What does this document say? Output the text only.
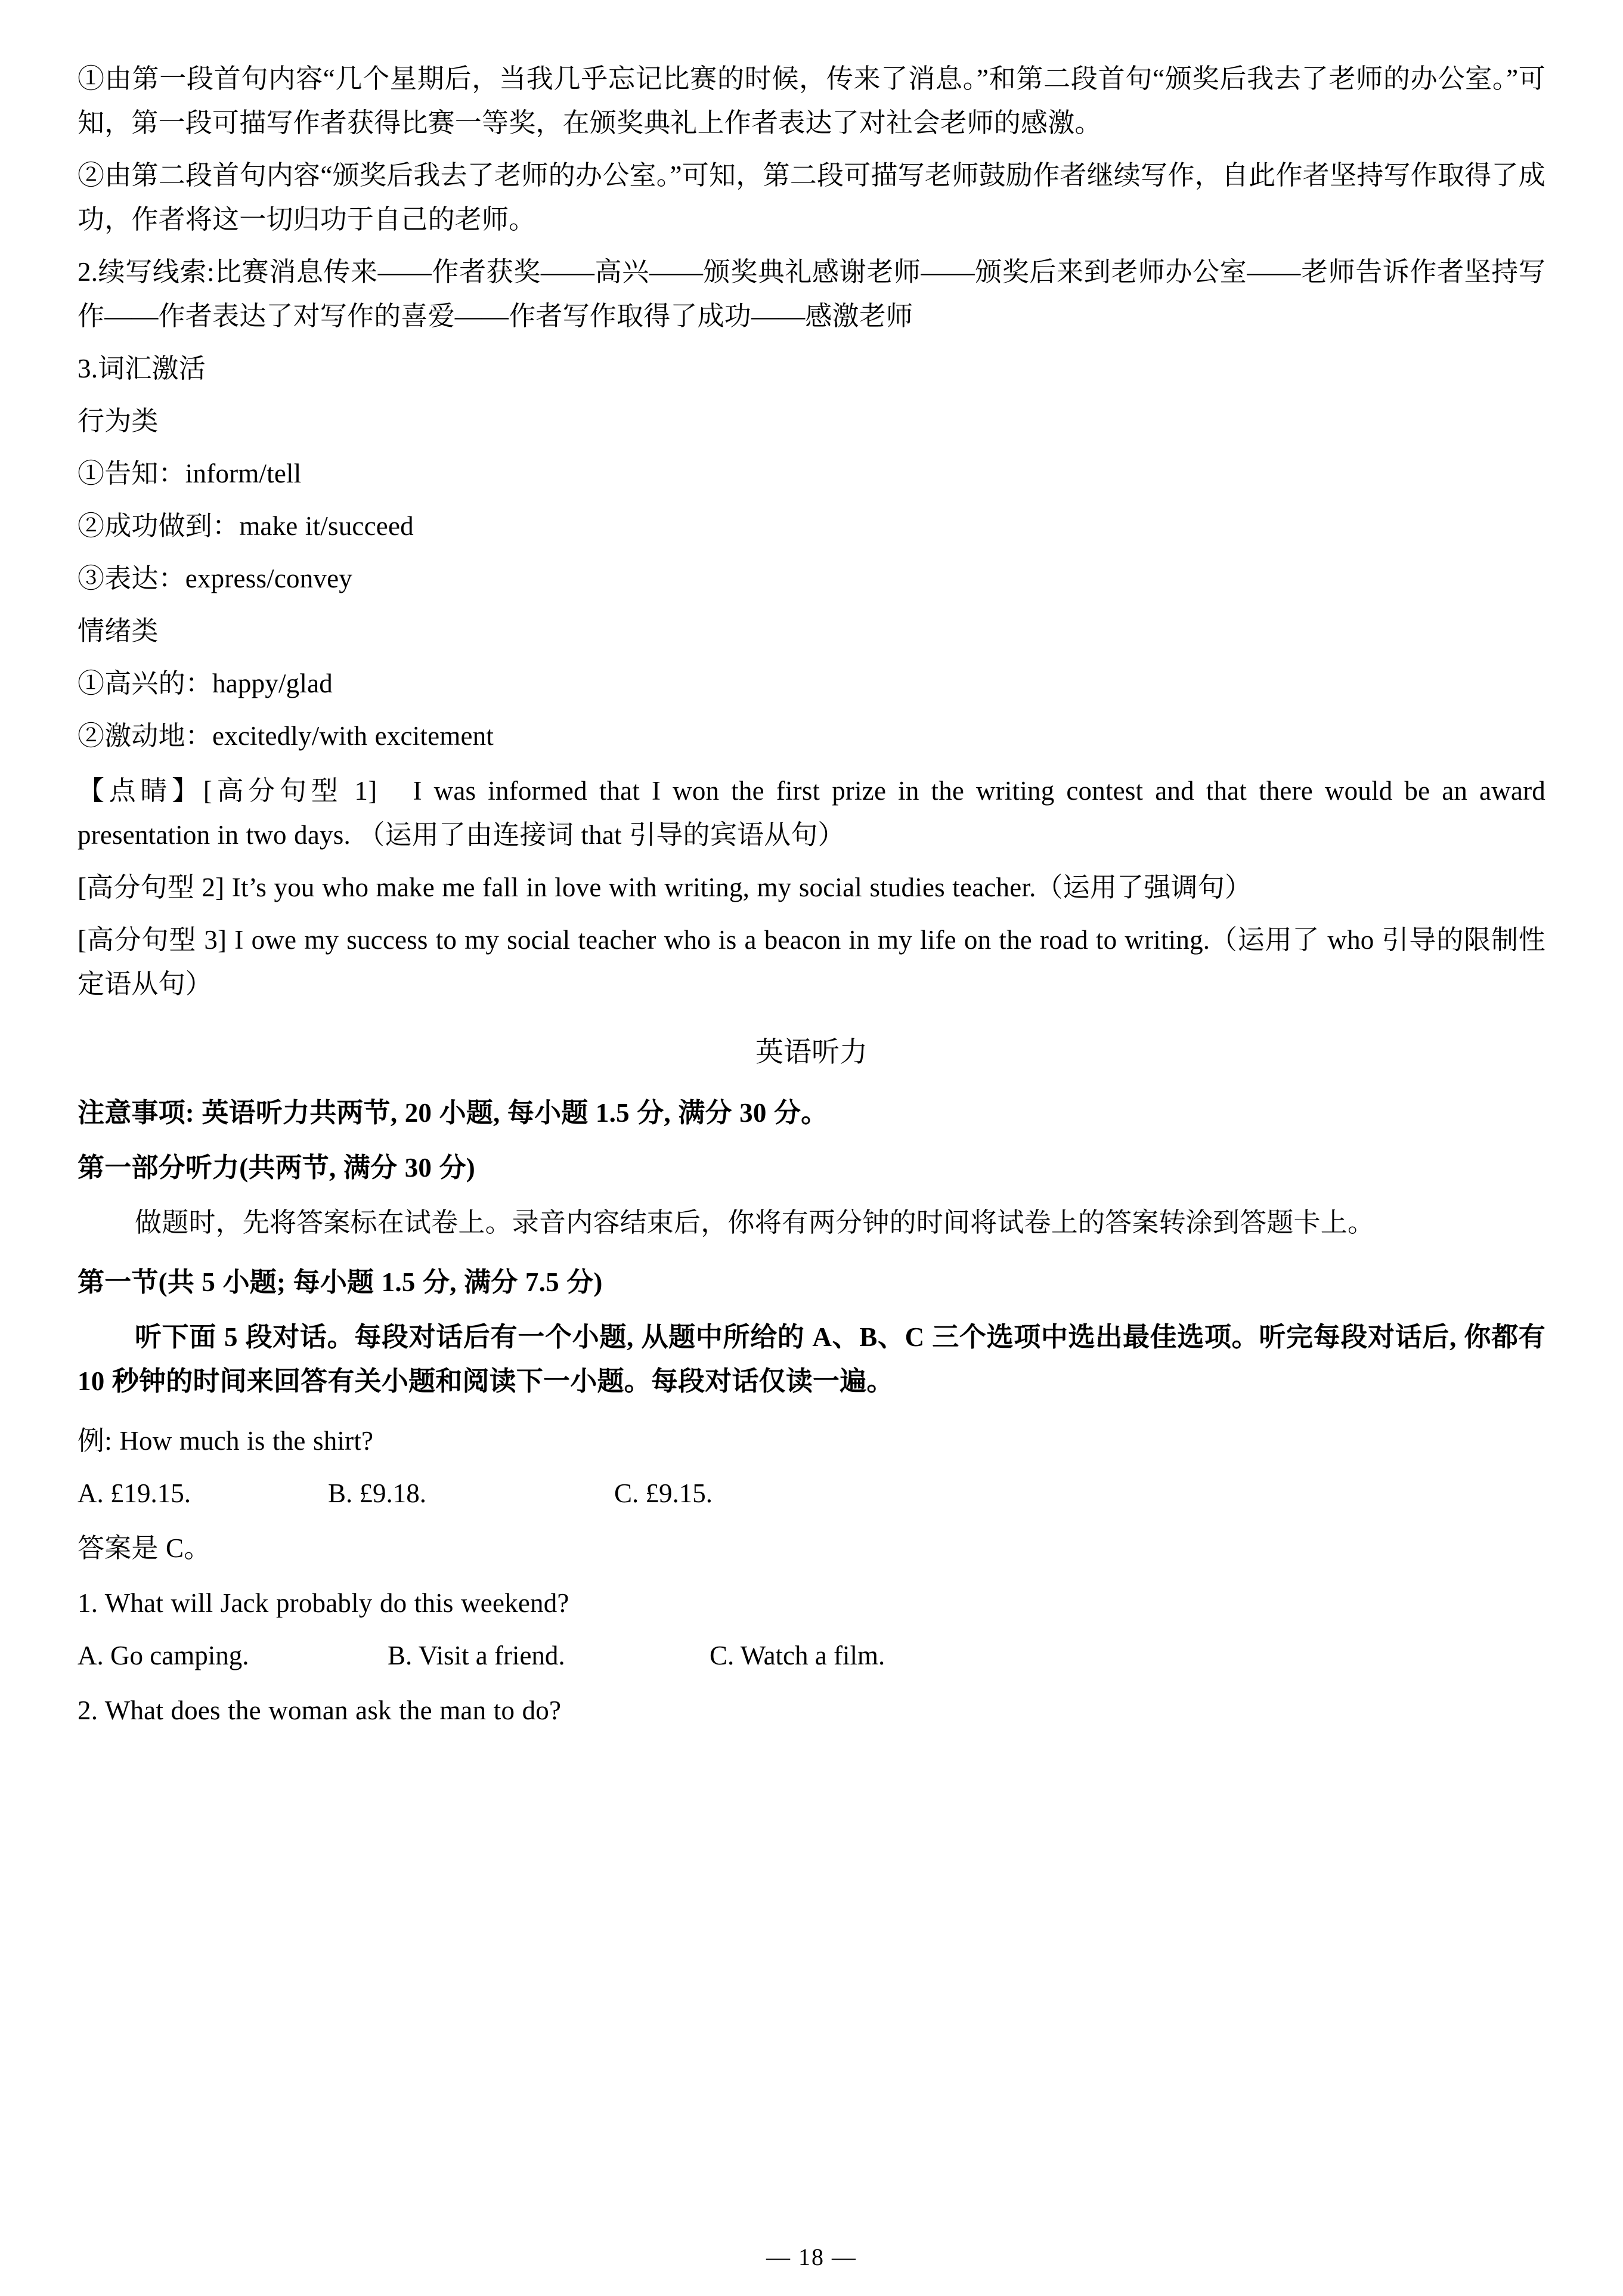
①由第一段首句内容“几个星期后，当我几乎忘记比赛的时候，传来了消息。”和第二段首句“颁奖后我去了老师的办公室。”可知，第一段可描写作者获得比赛一等奖，在颁奖典礼上作者表达了对社会老师的感激。

②由第二段首句内容“颁奖后我去了老师的办公室。”可知，第二段可描写老师鼓励作者继续写作，自此作者坚持写作取得了成功，作者将这一切归功于自己的老师。

2.续写线索:比赛消息传来——作者获奖——高兴——颁奖典礼感谢老师——颁奖后来到老师办公室——老师告诉作者坚持写作——作者表达了对写作的喜爱——作者写作取得了成功——感激老师

3.词汇激活

行为类

①告知：inform/tell

②成功做到：make it/succeed

③表达：express/convey

情绪类

①高兴的：happy/glad

②激动地：excitedly/with excitement

【点睛】[高分句型 1]　I was informed that I won the first prize in the writing contest and that there would be an award presentation in two days. （运用了由连接词 that 引导的宾语从句）

[高分句型 2] It’s you who make me fall in love with writing, my social studies teacher.（运用了强调句）

[高分句型 3] I owe my success to my social teacher who is a beacon in my life on the road to writing.（运用了 who 引导的限制性定语从句）

英语听力

注意事项: 英语听力共两节, 20 小题, 每小题 1.5 分, 满分 30 分。

第一部分听力(共两节, 满分 30 分)

做题时，先将答案标在试卷上。录音内容结束后，你将有两分钟的时间将试卷上的答案转涂到答题卡上。

第一节(共 5 小题; 每小题 1.5 分, 满分 7.5 分)

听下面 5 段对话。每段对话后有一个小题, 从题中所给的 A、B、C 三个选项中选出最佳选项。听完每段对话后, 你都有 10 秒钟的时间来回答有关小题和阅读下一小题。每段对话仅读一遍。

例: How much is the shirt?

A. £19.15.	B. £9.18.	C. £9.15.

答案是 C。

1. What will Jack probably do this weekend?

A. Go camping.	B. Visit a friend.	C. Watch a film.

2. What does the woman ask the man to do?

— 18 —
